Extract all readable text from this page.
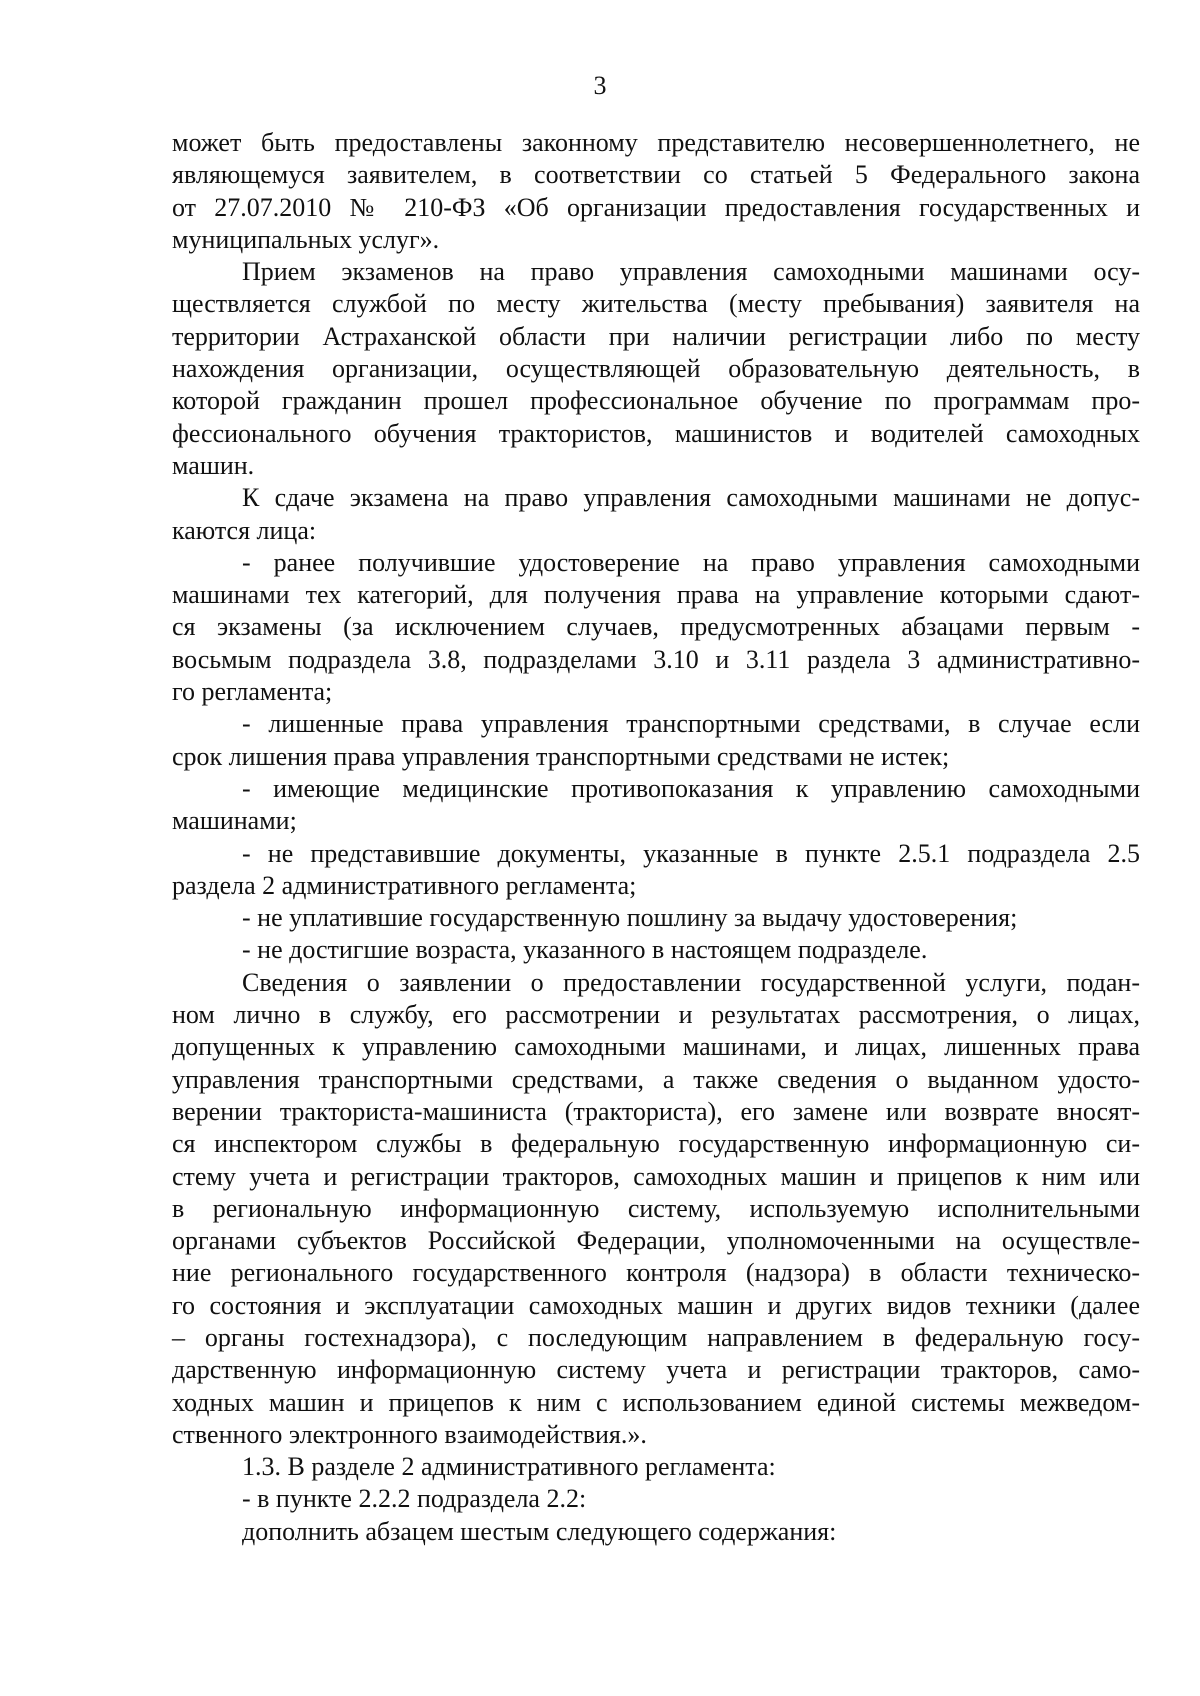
3
может быть предоставлены законному представителю несовершеннолетнего, не
являющемуся заявителем, в соответствии со статьей 5 Федерального закона
от 27.07.2010 № 210-ФЗ «Об организации предоставления государственных и
муниципальных услуг».
Прием экзаменов на право управления самоходными машинами осу-
ществляется службой по месту жительства (месту пребывания) заявителя на
территории Астраханской области при наличии регистрации либо по месту
нахождения организации, осуществляющей образовательную деятельность, в
которой гражданин прошел профессиональное обучение по программам про-
фессионального обучения трактористов, машинистов и водителей самоходных
машин.
К сдаче экзамена на право управления самоходными машинами не допус-
каются лица:
- ранее получившие удостоверение на право управления самоходными
машинами тех категорий, для получения права на управление которыми сдают-
ся экзамены (за исключением случаев, предусмотренных абзацами первым -
восьмым подраздела 3.8, подразделами 3.10 и 3.11 раздела 3 административно-
го регламента;
- лишенные права управления транспортными средствами, в случае если
срок лишения права управления транспортными средствами не истек;
- имеющие медицинские противопоказания к управлению самоходными
машинами;
- не представившие документы, указанные в пункте 2.5.1 подраздела 2.5
раздела 2 административного регламента;
- не уплатившие государственную пошлину за выдачу удостоверения;
- не достигшие возраста, указанного в настоящем подразделе.
Сведения о заявлении о предоставлении государственной услуги, подан-
ном лично в службу, его рассмотрении и результатах рассмотрения, о лицах,
допущенных к управлению самоходными машинами, и лицах, лишенных права
управления транспортными средствами, а также сведения о выданном удосто-
верении тракториста-машиниста (тракториста), его замене или возврате вносят-
ся инспектором службы в федеральную государственную информационную си-
стему учета и регистрации тракторов, самоходных машин и прицепов к ним или
в региональную информационную систему, используемую исполнительными
органами субъектов Российской Федерации, уполномоченными на осуществле-
ние регионального государственного контроля (надзора) в области техническо-
го состояния и эксплуатации самоходных машин и других видов техники (далее
– органы гостехнадзора), с последующим направлением в федеральную госу-
дарственную информационную систему учета и регистрации тракторов, само-
ходных машин и прицепов к ним с использованием единой системы межведом-
ственного электронного взаимодействия.».
1.3. В разделе 2 административного регламента:
- в пункте 2.2.2 подраздела 2.2:
дополнить абзацем шестым следующего содержания:
